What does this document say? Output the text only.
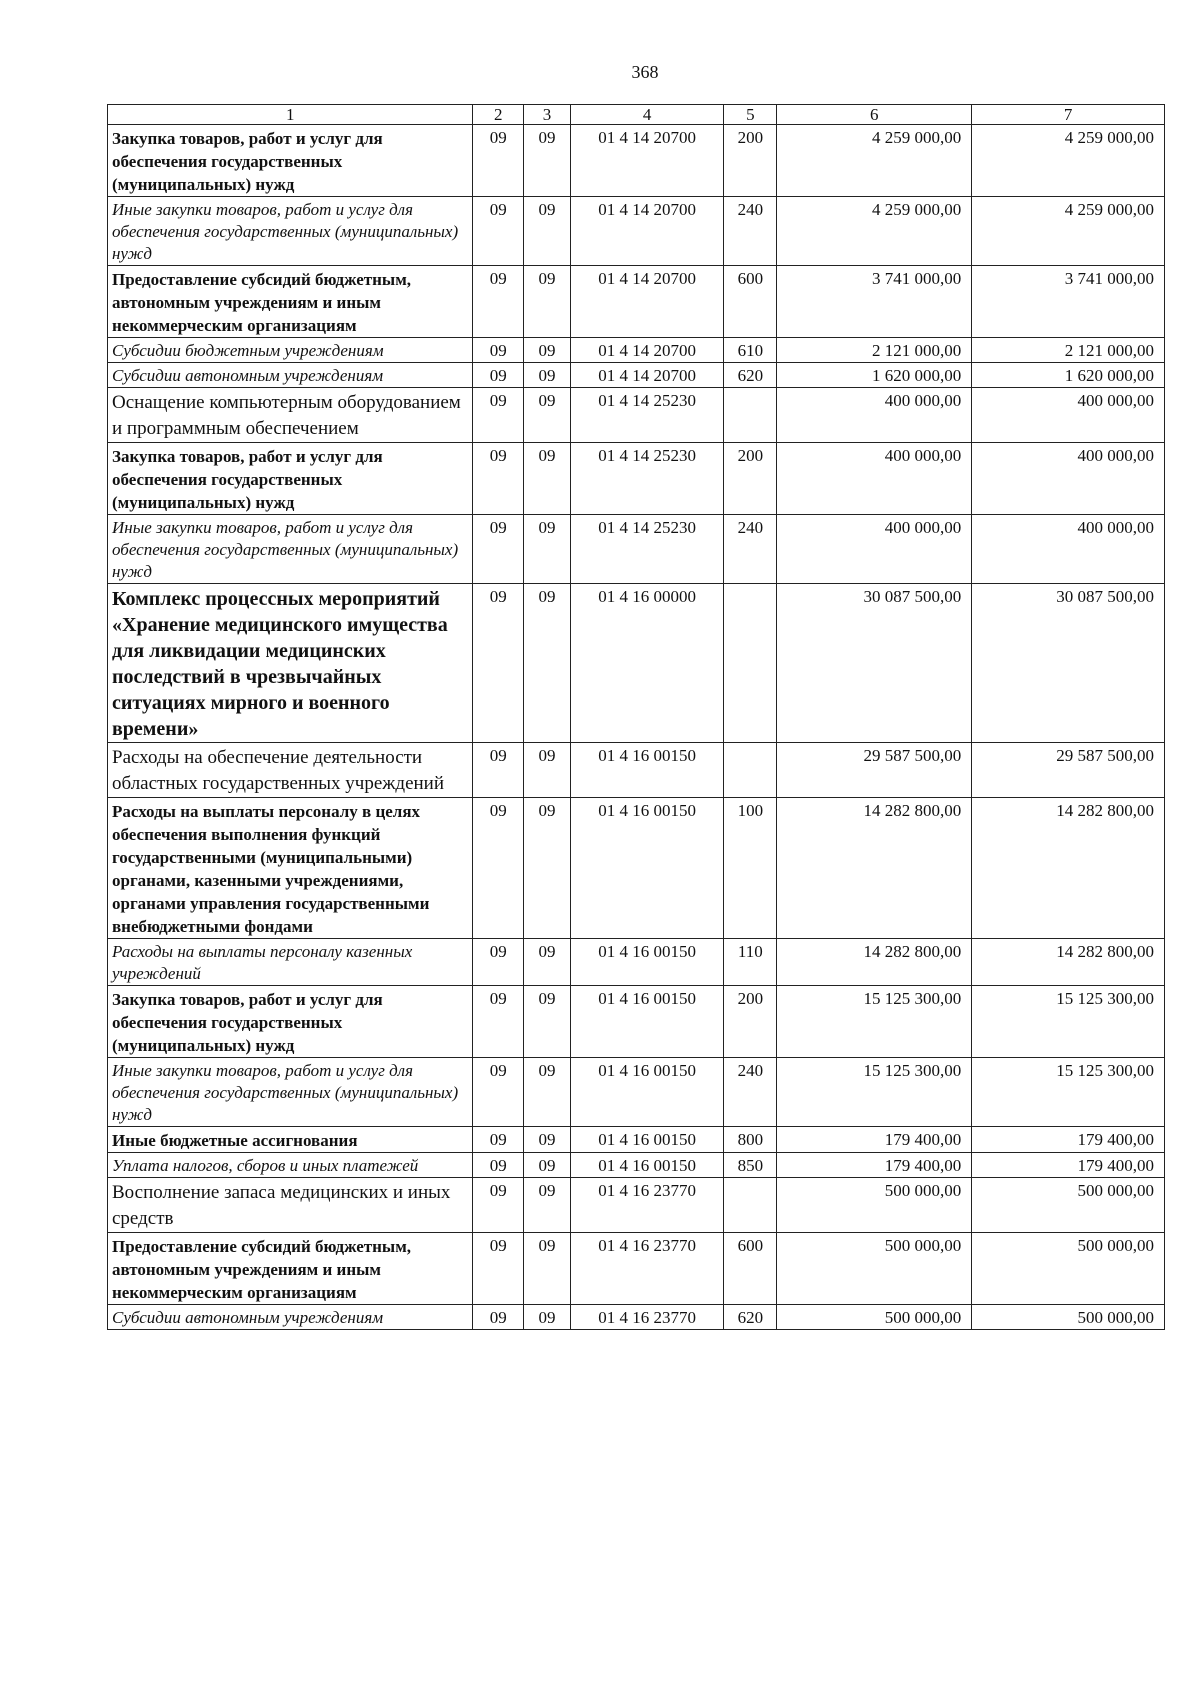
368
1	2	3	4	5	6	7
Закупка товаров, работ и услуг для обеспечения государственных (муниципальных) нужд	09	09	01 4 14 20700	200	4 259 000,00	4 259 000,00
Иные закупки товаров, работ и услуг для обеспечения государственных (муниципальных) нужд	09	09	01 4 14 20700	240	4 259 000,00	4 259 000,00
Предоставление субсидий бюджетным, автономным учреждениям и иным некоммерческим организациям	09	09	01 4 14 20700	600	3 741 000,00	3 741 000,00
Субсидии бюджетным учреждениям	09	09	01 4 14 20700	610	2 121 000,00	2 121 000,00
Субсидии автономным учреждениям	09	09	01 4 14 20700	620	1 620 000,00	1 620 000,00
Оснащение компьютерным оборудованием и программным обеспечением	09	09	01 4 14 25230		400 000,00	400 000,00
Закупка товаров, работ и услуг для обеспечения государственных (муниципальных) нужд	09	09	01 4 14 25230	200	400 000,00	400 000,00
Иные закупки товаров, работ и услуг для обеспечения государственных (муниципальных) нужд	09	09	01 4 14 25230	240	400 000,00	400 000,00
Комплекс процессных мероприятий «Хранение медицинского имущества для ликвидации медицинских последствий в чрезвычайных ситуациях мирного и военного времени»	09	09	01 4 16 00000		30 087 500,00	30 087 500,00
Расходы на обеспечение деятельности областных государственных учреждений	09	09	01 4 16 00150		29 587 500,00	29 587 500,00
Расходы на выплаты персоналу в целях обеспечения выполнения функций государственными (муниципальными) органами, казенными учреждениями, органами управления государственными внебюджетными фондами	09	09	01 4 16 00150	100	14 282 800,00	14 282 800,00
Расходы на выплаты персоналу казенных учреждений	09	09	01 4 16 00150	110	14 282 800,00	14 282 800,00
Закупка товаров, работ и услуг для обеспечения государственных (муниципальных) нужд	09	09	01 4 16 00150	200	15 125 300,00	15 125 300,00
Иные закупки товаров, работ и услуг для обеспечения государственных (муниципальных) нужд	09	09	01 4 16 00150	240	15 125 300,00	15 125 300,00
Иные бюджетные ассигнования	09	09	01 4 16 00150	800	179 400,00	179 400,00
Уплата налогов, сборов и иных платежей	09	09	01 4 16 00150	850	179 400,00	179 400,00
Восполнение запаса медицинских и иных средств	09	09	01 4 16 23770		500 000,00	500 000,00
Предоставление субсидий бюджетным, автономным учреждениям и иным некоммерческим организациям	09	09	01 4 16 23770	600	500 000,00	500 000,00
Субсидии автономным учреждениям	09	09	01 4 16 23770	620	500 000,00	500 000,00
